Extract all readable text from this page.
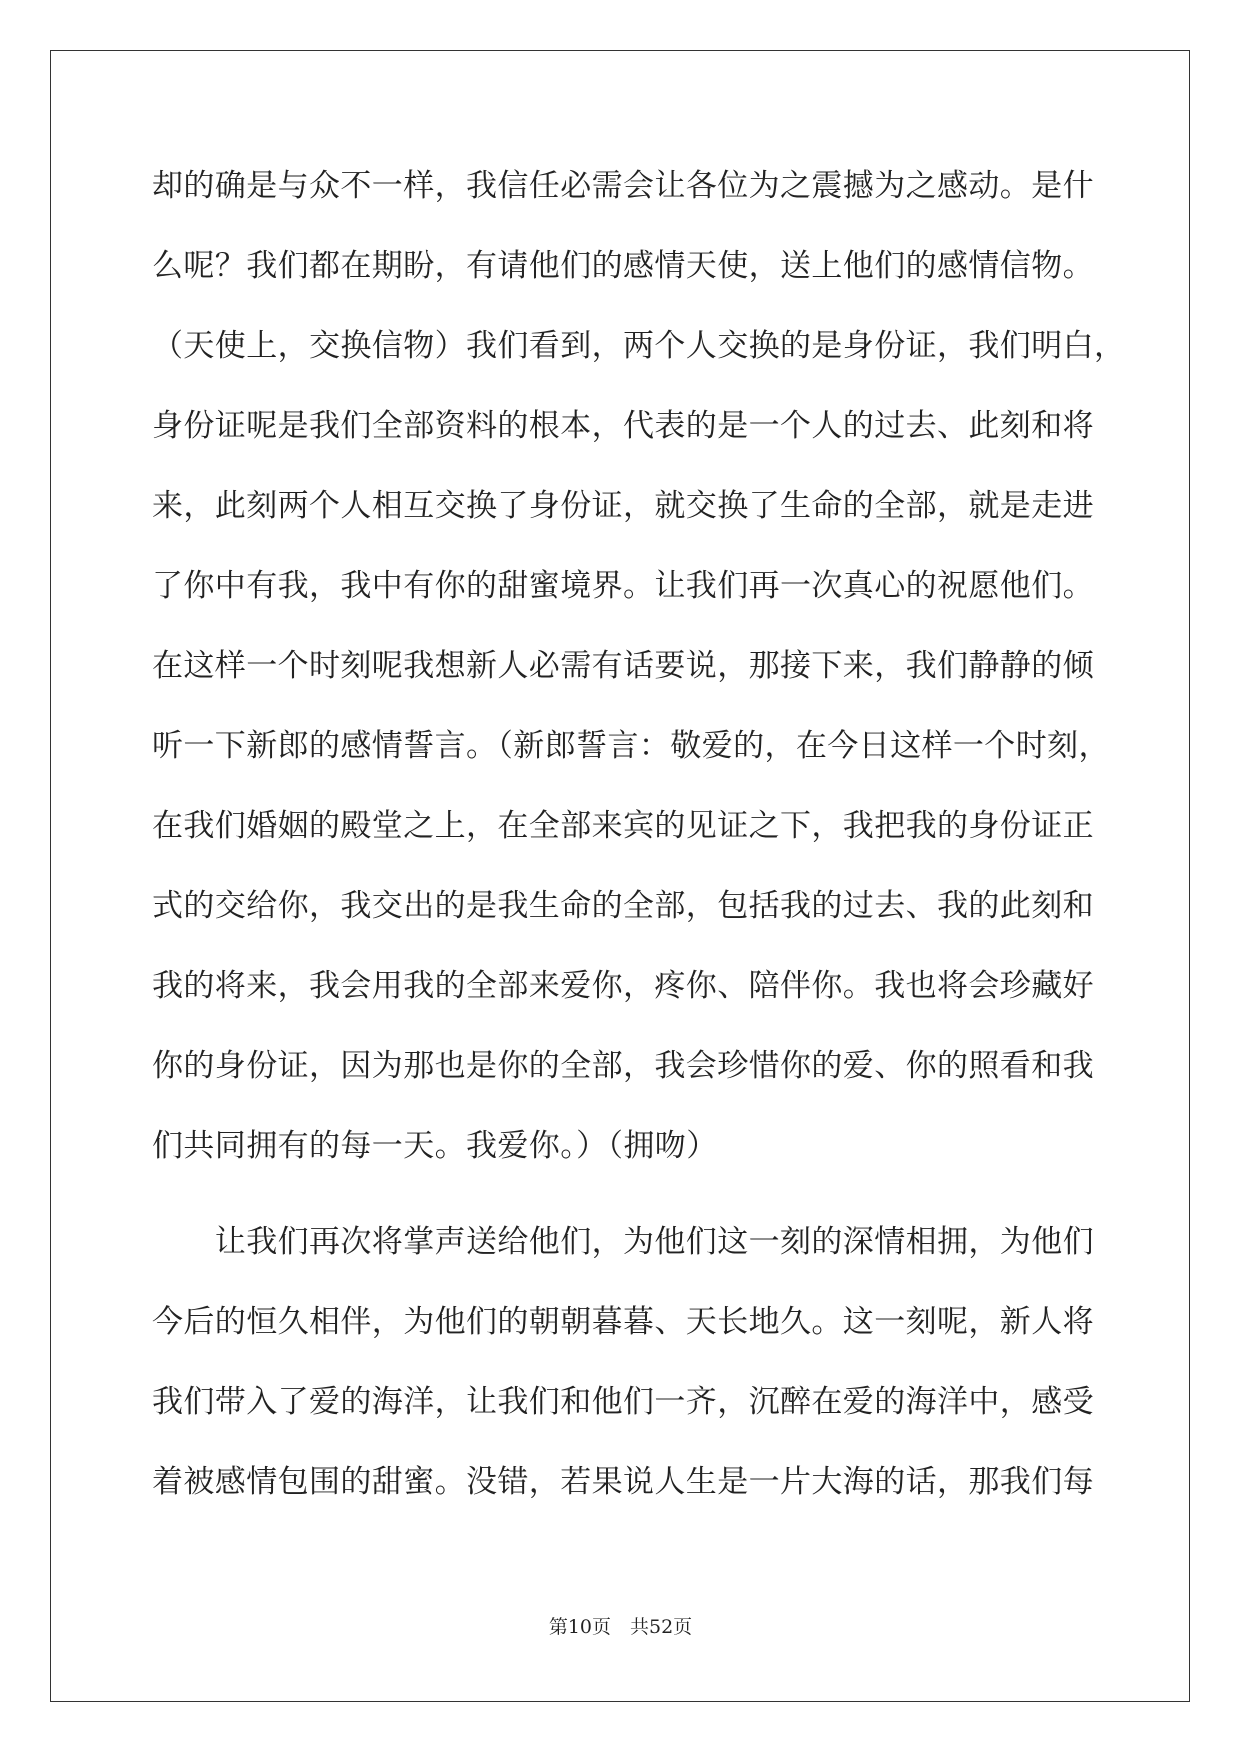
却的确是与众不一样，我信任必需会让各位为之震撼为之感动。是什
么呢？我们都在期盼，有请他们的感情天使，送上他们的感情信物。
（天使上，交换信物）我们看到，两个人交换的是身份证，我们明白，
身份证呢是我们全部资料的根本，代表的是一个人的过去、此刻和将
来，此刻两个人相互交换了身份证，就交换了生命的全部，就是走进
了你中有我，我中有你的甜蜜境界。让我们再一次真心的祝愿他们。
在这样一个时刻呢我想新人必需有话要说，那接下来，我们静静的倾
听一下新郎的感情誓言。（新郎誓言：敬爱的，在今日这样一个时刻，
在我们婚姻的殿堂之上，在全部来宾的见证之下，我把我的身份证正
式的交给你，我交出的是我生命的全部，包括我的过去、我的此刻和
我的将来，我会用我的全部来爱你，疼你、陪伴你。我也将会珍藏好
你的身份证，因为那也是你的全部，我会珍惜你的爱、你的照看和我
们共同拥有的每一天。我爱你。）（拥吻）
　　让我们再次将掌声送给他们，为他们这一刻的深情相拥，为他们
今后的恒久相伴，为他们的朝朝暮暮、天长地久。这一刻呢，新人将
我们带入了爱的海洋，让我们和他们一齐，沉醉在爱的海洋中，感受
着被感情包围的甜蜜。没错，若果说人生是一片大海的话，那我们每
第10页　共52页
